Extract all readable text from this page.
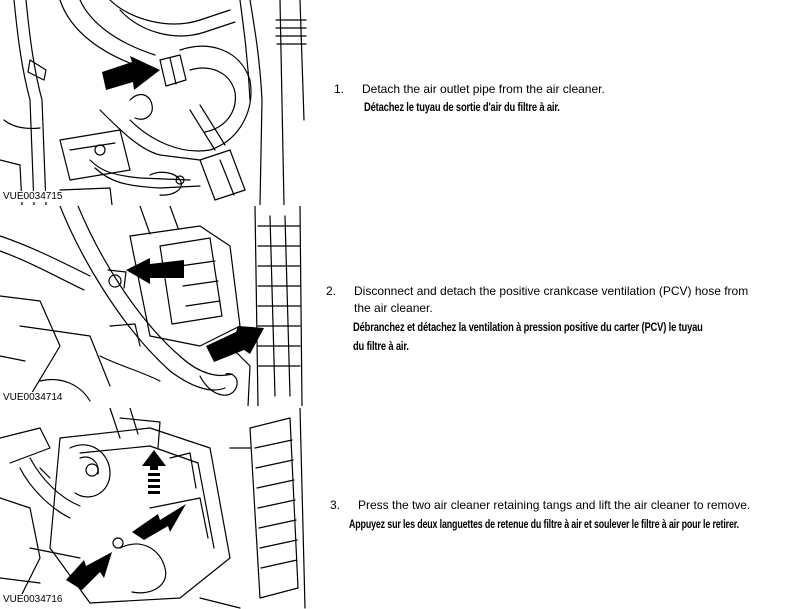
VUE0034715
VUE0034714
VUE0034716
1. Detach the air outlet pipe from the air cleaner.
Détachez le tuyau de sortie d'air du filtre à air.
2. Disconnect and detach the positive crankcase ventilation (PCV) hose from
the air cleaner.
Débranchez et détachez la ventilation à pression positive du carter (PCV) le tuyau
du filtre à air.
3. Press the two air cleaner retaining tangs and lift the air cleaner to remove.
Appuyez sur les deux languettes de retenue du filtre à air et soulever le filtre à air pour le retirer.
